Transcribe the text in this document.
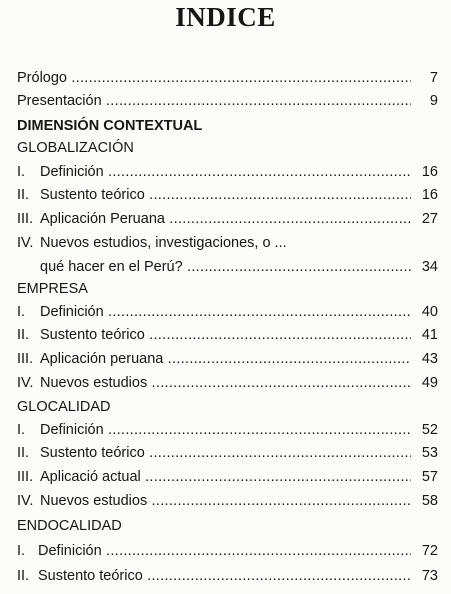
INDICE
Prólogo .....	7
Presentación .....	9
DIMENSIÓN CONTEXTUAL
GLOBALIZACIÓN
I. Definición .....	16
II. Sustento teórico .....	16
III. Aplicación Peruana .....	27
IV. Nuevos estudios, investigaciones, o ...
qué hacer en el Perú? .....	34
EMPRESA
I. Definición .....	40
II. Sustento teórico .....	41
III. Aplicación peruana .....	43
IV. Nuevos estudios .....	49
GLOCALIDAD
I. Definición .....	52
II. Sustento teórico .....	53
III. Aplicació actual .....	57
IV. Nuevos estudios .....	58
ENDOCALIDAD
I. Definición .....	72
II. Sustento teórico .....	73
